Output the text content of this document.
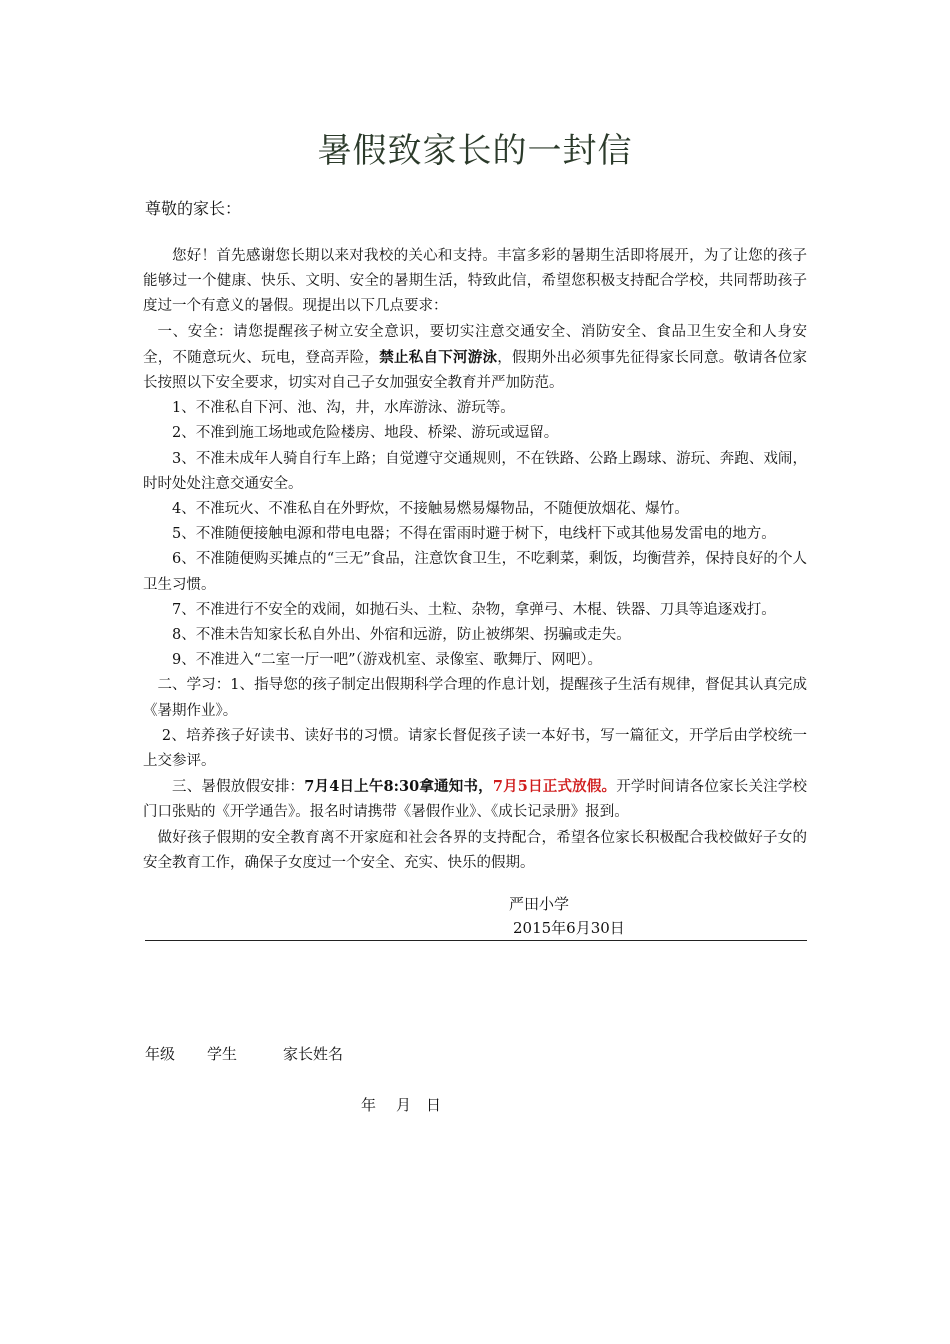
暑假致家长的一封信
尊敬的家长：

您好！首先感谢您长期以来对我校的关心和支持。丰富多彩的暑期生活即将展开，为了让您的孩子能够过一个健康、快乐、文明、安全的暑期生活，特致此信，希望您积极支持配合学校，共同帮助孩子度过一个有意义的暑假。现提出以下几点要求：

一、安全：请您提醒孩子树立安全意识，要切实注意交通安全、消防安全、食品卫生安全和人身安全，不随意玩火、玩电，登高弄险，禁止私自下河游泳，假期外出必须事先征得家长同意。敬请各位家长按照以下安全要求，切实对自己子女加强安全教育并严加防范。

1、不准私自下河、池、沟，井，水库游泳、游玩等。

2、不准到施工场地或危险楼房、地段、桥梁、游玩或逗留。

3、不准未成年人骑自行车上路；自觉遵守交通规则，不在铁路、公路上踢球、游玩、奔跑、戏闹，时时处处注意交通安全。

4、不准玩火、不准私自在外野炊，不接触易燃易爆物品，不随便放烟花、爆竹。

5、不准随便接触电源和带电电器；不得在雷雨时避于树下，电线杆下或其他易发雷电的地方。

6、不准随便购买摊点的“三无”食品，注意饮食卫生，不吃剩菜，剩饭，均衡营养，保持良好的个人卫生习惯。

7、不准进行不安全的戏闹，如抛石头、土粒、杂物，拿弹弓、木棍、铁器、刀具等追逐戏打。

8、不准未告知家长私自外出、外宿和远游，防止被绑架、拐骗或走失。

9、不准进入“二室一厅一吧”（游戏机室、录像室、歌舞厅、网吧）。

二、学习：1、指导您的孩子制定出假期科学合理的作息计划，提醒孩子生活有规律，督促其认真完成《暑期作业》。

2、培养孩子好读书、读好书的习惯。请家长督促孩子读一本好书，写一篇征文，开学后由学校统一上交参评。

三、暑假放假安排：7月4日上午8:30拿通知书，7月5日正式放假。开学时间请各位家长关注学校门口张贴的《开学通告》。报名时请携带《暑假作业》、《成长记录册》报到。

做好孩子假期的安全教育离不开家庭和社会各界的支持配合，希望各位家长积极配合我校做好子女的安全教育工作，确保子女度过一个安全、充实、快乐的假期。

严田小学
2015年6月30日
年级 学生	家长姓名
年 月 日
